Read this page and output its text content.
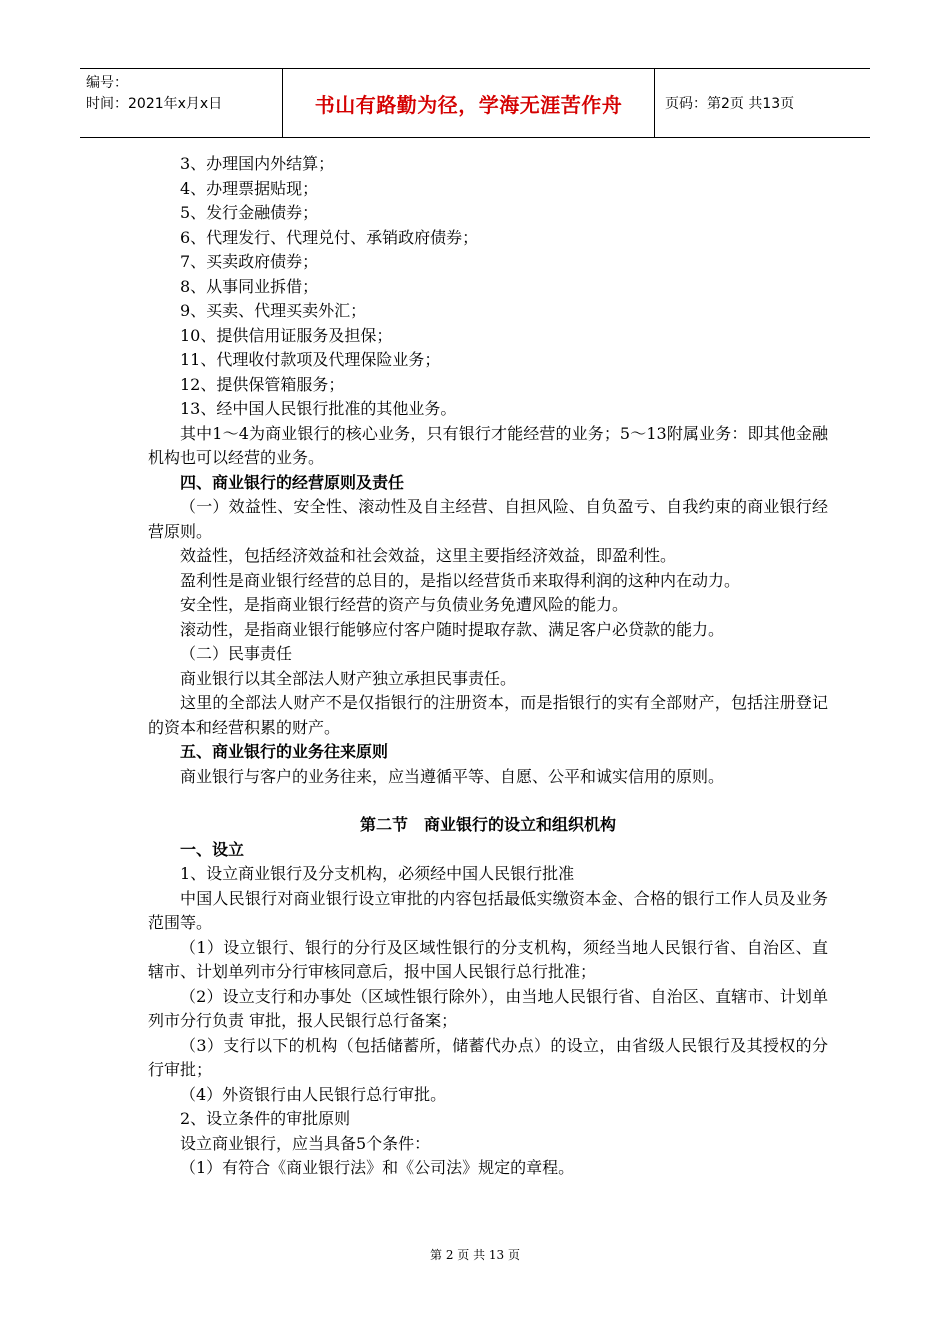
编号：
时间：2021年x月x日	书山有路勤为径，学海无涯苦作舟	页码：第2页 共13页

3、办理国内外结算；

4、办理票据贴现；

5、发行金融债券；

6、代理发行、代理兑付、承销政府债券；

7、买卖政府债券；

8、从事同业拆借；

9、买卖、代理买卖外汇；

10、提供信用证服务及担保；

11、代理收付款项及代理保险业务；

12、提供保管箱服务；

13、经中国人民银行批准的其他业务。

其中1～4为商业银行的核心业务，只有银行才能经营的业务；5～13附属业务：即其他金融机构也可以经营的业务。

四、商业银行的经营原则及责任

（一）效益性、安全性、滚动性及自主经营、自担风险、自负盈亏、自我约束的商业银行经营原则。

效益性，包括经济效益和社会效益，这里主要指经济效益，即盈利性。

盈利性是商业银行经营的总目的，是指以经营货币来取得利润的这种内在动力。

安全性，是指商业银行经营的资产与负债业务免遭风险的能力。

滚动性，是指商业银行能够应付客户随时提取存款、满足客户必贷款的能力。

（二）民事责任

商业银行以其全部法人财产独立承担民事责任。

这里的全部法人财产不是仅指银行的注册资本，而是指银行的实有全部财产，包括注册登记的资本和经营积累的财产。

五、商业银行的业务往来原则

商业银行与客户的业务往来，应当遵循平等、自愿、公平和诚实信用的原则。

第二节　商业银行的设立和组织机构

一、设立

1、设立商业银行及分支机构，必须经中国人民银行批准

中国人民银行对商业银行设立审批的内容包括最低实缴资本金、合格的银行工作人员及业务范围等。

（1）设立银行、银行的分行及区域性银行的分支机构，须经当地人民银行省、自治区、直辖市、计划单列市分行审核同意后，报中国人民银行总行批准；

（2）设立支行和办事处（区域性银行除外），由当地人民银行省、自治区、直辖市、计划单列市分行负责 审批，报人民银行总行备案；

（3）支行以下的机构（包括储蓄所，储蓄代办点）的设立，由省级人民银行及其授权的分行审批；

（4）外资银行由人民银行总行审批。

2、设立条件的审批原则

设立商业银行，应当具备5个条件：

（1）有符合《商业银行法》和《公司法》规定的章程。

第 2 页 共 13 页
